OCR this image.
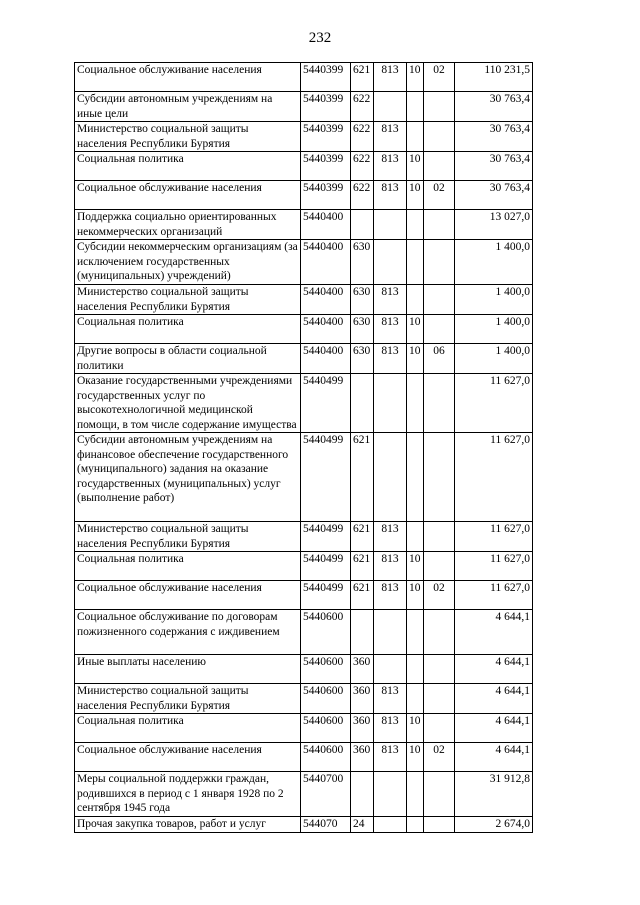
232
Социальное обслуживание населения	5440399	621	813	10	02	110 231,5
Субсидии автономным учреждениям на иные цели	5440399	622				30 763,4
Министерство социальной защиты населения Республики Бурятия	5440399	622	813			30 763,4
Социальная политика	5440399	622	813	10		30 763,4
Социальное обслуживание населения	5440399	622	813	10	02	30 763,4
Поддержка социально ориентированных некоммерческих организаций	5440400					13 027,0
Субсидии некоммерческим организациям (за исключением государственных (муниципальных) учреждений)	5440400	630				1 400,0
Министерство социальной защиты населения Республики Бурятия	5440400	630	813			1 400,0
Социальная политика	5440400	630	813	10		1 400,0
Другие вопросы в области социальной политики	5440400	630	813	10	06	1 400,0
Оказание государственными учреждениями государственных услуг по высокотехнологичной медицинской помощи, в том числе содержание имущества	5440499					11 627,0
Субсидии автономным учреждениям на финансовое обеспечение государственного (муниципального) задания на оказание государственных (муниципальных) услуг (выполнение работ)	5440499	621				11 627,0
Министерство социальной защиты населения Республики Бурятия	5440499	621	813			11 627,0
Социальная политика	5440499	621	813	10		11 627,0
Социальное обслуживание населения	5440499	621	813	10	02	11 627,0
Социальное обслуживание по договорам пожизненного содержания с иждивением	5440600					4 644,1
Иные выплаты населению	5440600	360				4 644,1
Министерство социальной защиты населения Республики Бурятия	5440600	360	813			4 644,1
Социальная политика	5440600	360	813	10		4 644,1
Социальное обслуживание населения	5440600	360	813	10	02	4 644,1
Меры социальной поддержки граждан, родившихся в период с 1 января 1928 по 2 сентября 1945 года	5440700					31 912,8
Прочая закупка товаров, работ и услуг	544070	24				2 674,0
